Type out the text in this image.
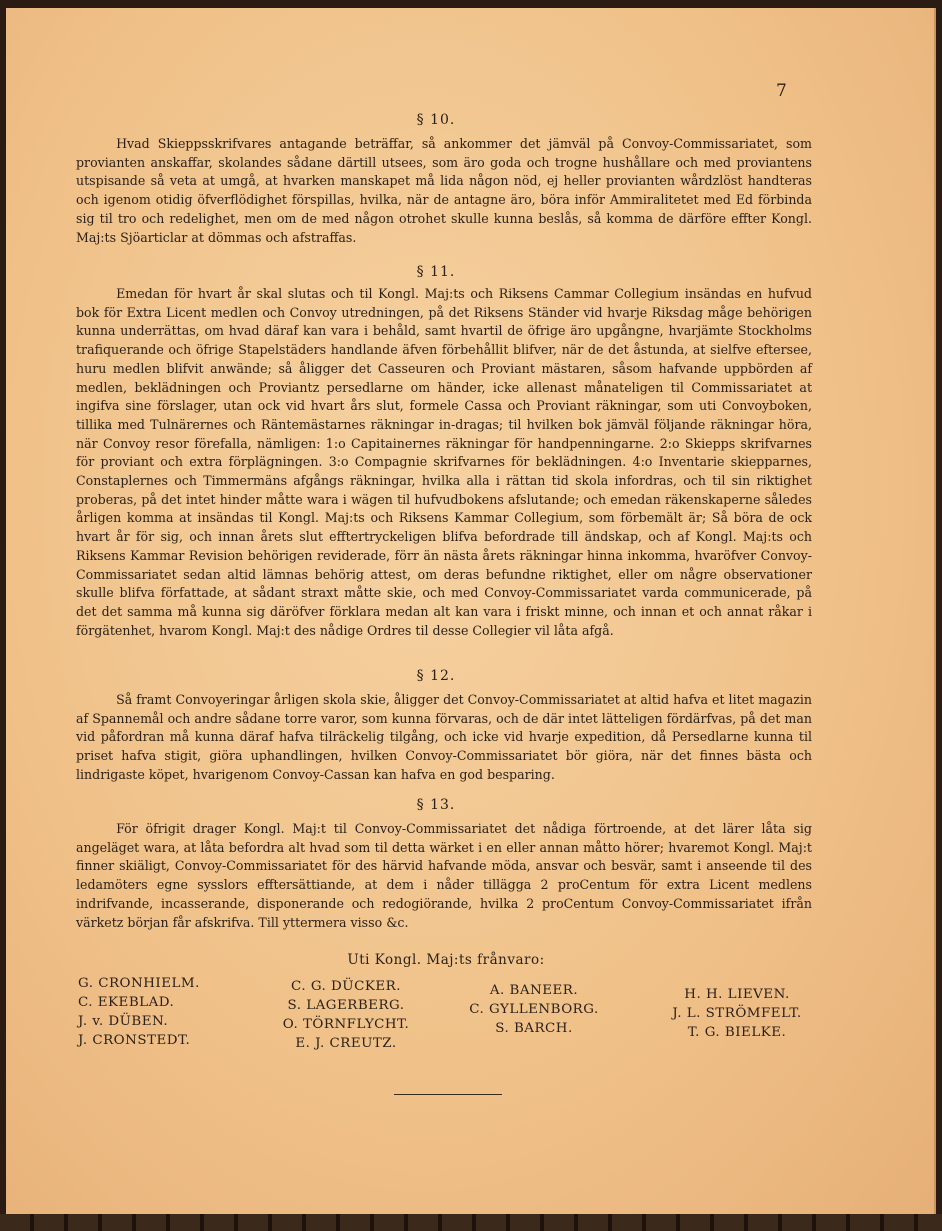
7
§ 10.

Hvad Skieppsskrifvares antagande beträffar, så ankommer det jämväl på Convoy-Commissariatet, som provianten anskaffar, skolandes sådane därtill utsees, som äro goda och trogne hushållare och med proviantens utspisande så veta at umgå, at hvarken manskapet må lida någon nöd, ej heller provianten wårdzlöst handteras och igenom otidig öfverflödighet förspillas, hvilka, när de antagne äro, böra inför Ammiralitetet med Ed förbinda sig til tro och redelighet, men om de med någon otrohet skulle kunna beslås, så komma de därföre effter Kongl. Maj:ts Sjöarticlar at dömmas och afstraffas.

§ 11.

Emedan för hvart år skal slutas och til Kongl. Maj:ts och Riksens Cammar Collegium insändas en hufvud bok för Extra Licent medlen och Convoy utredningen, på det Riksens Ständer vid hvarje Riksdag måge behörigen kunna underrättas, om hvad däraf kan vara i behåld, samt hvartil de öfrige äro upgångne, hvarjämte Stockholms trafiquerande och öfrige Stapelstäders handlande äfven förbehållit blifver, när de det åstunda, at sielfve eftersee, huru medlen blifvit anwände; så åligger det Casseuren och Proviant mästaren, såsom hafvande uppbörden af medlen, beklädningen och Proviantz persedlarne om händer, icke allenast månateligen til Commissariatet at ingifva sine förslager, utan ock vid hvart års slut, formele Cassa och Proviant räkningar, som uti Convoyboken, tillika med Tulnärernes och Räntemästarnes räkningar in-dragas; til hvilken bok jämväl följande räkningar höra, när Convoy resor förefalla, nämligen: 1:o Capitainernes räkningar för handpenningarne. 2:o Skiepps skrifvarnes för proviant och extra förplägningen. 3:o Compagnie skrifvarnes för beklädningen. 4:o Inventarie skiepparnes, Constaplernes och Timmermäns afgångs räkningar, hvilka alla i rättan tid skola infordras, och til sin riktighet proberas, på det intet hinder måtte wara i wägen til hufvudbokens afslutande; och emedan räkenskaperne således årligen komma at insändas til Kongl. Maj:ts och Riksens Kammar Collegium, som förbemält är; Så böra de ock hvart år för sig, och innan årets slut efftertryckeligen blifva befordrade till ändskap, och af Kongl. Maj:ts och Riksens Kammar Revision behörigen reviderade, förr än nästa årets räkningar hinna inkomma, hvaröfver Convoy-Commissariatet sedan altid lämnas behörig attest, om deras befundne riktighet, eller om någre observationer skulle blifva författade, at sådant straxt måtte skie, och med Convoy-Commissariatet varda communicerade, på det det samma må kunna sig däröfver förklara medan alt kan vara i friskt minne, och innan et och annat råkar i förgätenhet, hvarom Kongl. Maj:t des nådige Ordres til desse Collegier vil låta afgå.

§ 12.

Så framt Convoyeringar årligen skola skie, åligger det Convoy-Commissariatet at altid hafva et litet magazin af Spannemål och andre sådane torre varor, som kunna förvaras, och de där intet lätteligen fördärfvas, på det man vid påfordran må kunna däraf hafva tilräckelig tilgång, och icke vid hvarje expedition, då Persedlarne kunna til priset hafva stigit, giöra uphandlingen, hvilken Convoy-Commissariatet bör giöra, när det finnes bästa och lindrigaste köpet, hvarigenom Convoy-Cassan kan hafva en god besparing.

§ 13.

För öfrigit drager Kongl. Maj:t til Convoy-Commissariatet det nådiga förtroende, at det lärer låta sig angeläget wara, at låta befordra alt hvad som til detta wärket i en eller annan måtto hörer; hvaremot Kongl. Maj:t finner skiäligt, Convoy-Commissariatet för des härvid hafvande möda, ansvar och besvär, samt i anseende til des ledamöters egne sysslors efftersättiande, at dem i nåder tillägga 2 proCentum för extra Licent medlens indrifvande, incasserande, disponerande och redogiörande, hvilka 2 proCentum Convoy-Commissariatet ifrån värketz början får afskrifva. Till yttermera visso &c.

Uti Kongl. Maj:ts frånvaro:
G. CRONHIELM.
C. EKEBLAD.
J. v. DÜBEN.
J. CRONSTEDT.
C. G. DÜCKER.
S. LAGERBERG.
O. TÖRNFLYCHT.
E. J. CREUTZ.
A. BANEER.
C. GYLLENBORG.
S. BARCH.
H. H. LIEVEN.
J. L. STRÖMFELT.
T. G. BIELKE.
